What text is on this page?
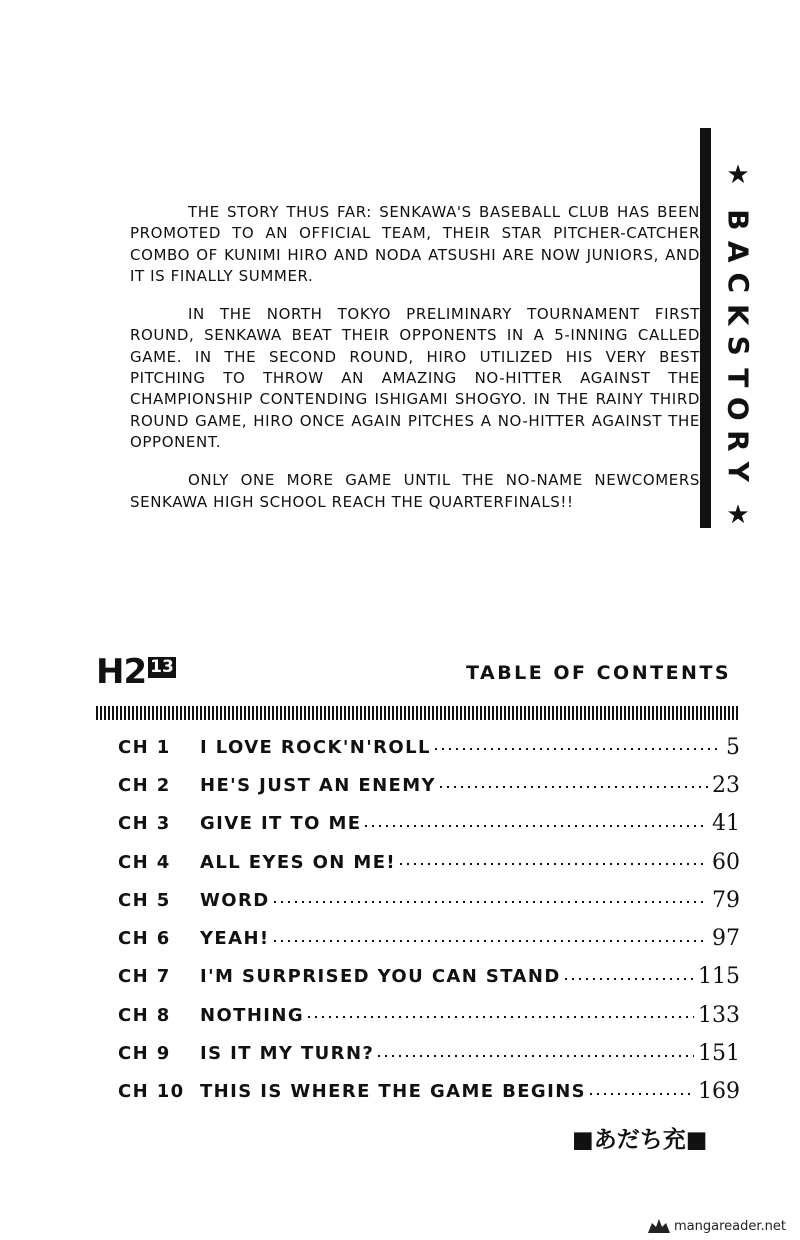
THE STORY THUS FAR: SENKAWA'S BASEBALL CLUB HAS BEEN PROMOTED TO AN OFFICIAL TEAM, THEIR STAR PITCHER-CATCHER COMBO OF KUNIMI HIRO AND NODA ATSUSHI ARE NOW JUNIORS, AND IT IS FINALLY SUMMER.

IN THE NORTH TOKYO PRELIMINARY TOURNAMENT FIRST ROUND, SENKAWA BEAT THEIR OPPONENTS IN A 5-INNING CALLED GAME. IN THE SECOND ROUND, HIRO UTILIZED HIS VERY BEST PITCHING TO THROW AN AMAZING NO-HITTER AGAINST THE CHAMPIONSHIP CONTENDING ISHIGAMI SHOGYO. IN THE RAINY THIRD ROUND GAME, HIRO ONCE AGAIN PITCHES A NO-HITTER AGAINST THE OPPONENT.

ONLY ONE MORE GAME UNTIL THE NO-NAME NEWCOMERS SENKAWA HIGH SCHOOL REACH THE QUARTERFINALS!!

★
B
A
C
K
S
T
O
R
Y
★
H2 13	TABLE OF CONTENTS
CH 1	I LOVE ROCK'N'ROLL	5
CH 2	HE'S JUST AN ENEMY	23
CH 3	GIVE IT TO ME	41
CH 4	ALL EYES ON ME!	60
CH 5	WORD	79
CH 6	YEAH!	97
CH 7	I'M SURPRISED YOU CAN STAND	115
CH 8	NOTHING	133
CH 9	IS IT MY TURN?	151
CH 10 THIS IS WHERE THE GAME BEGINS	169
■あだち充■
mangareader.net
